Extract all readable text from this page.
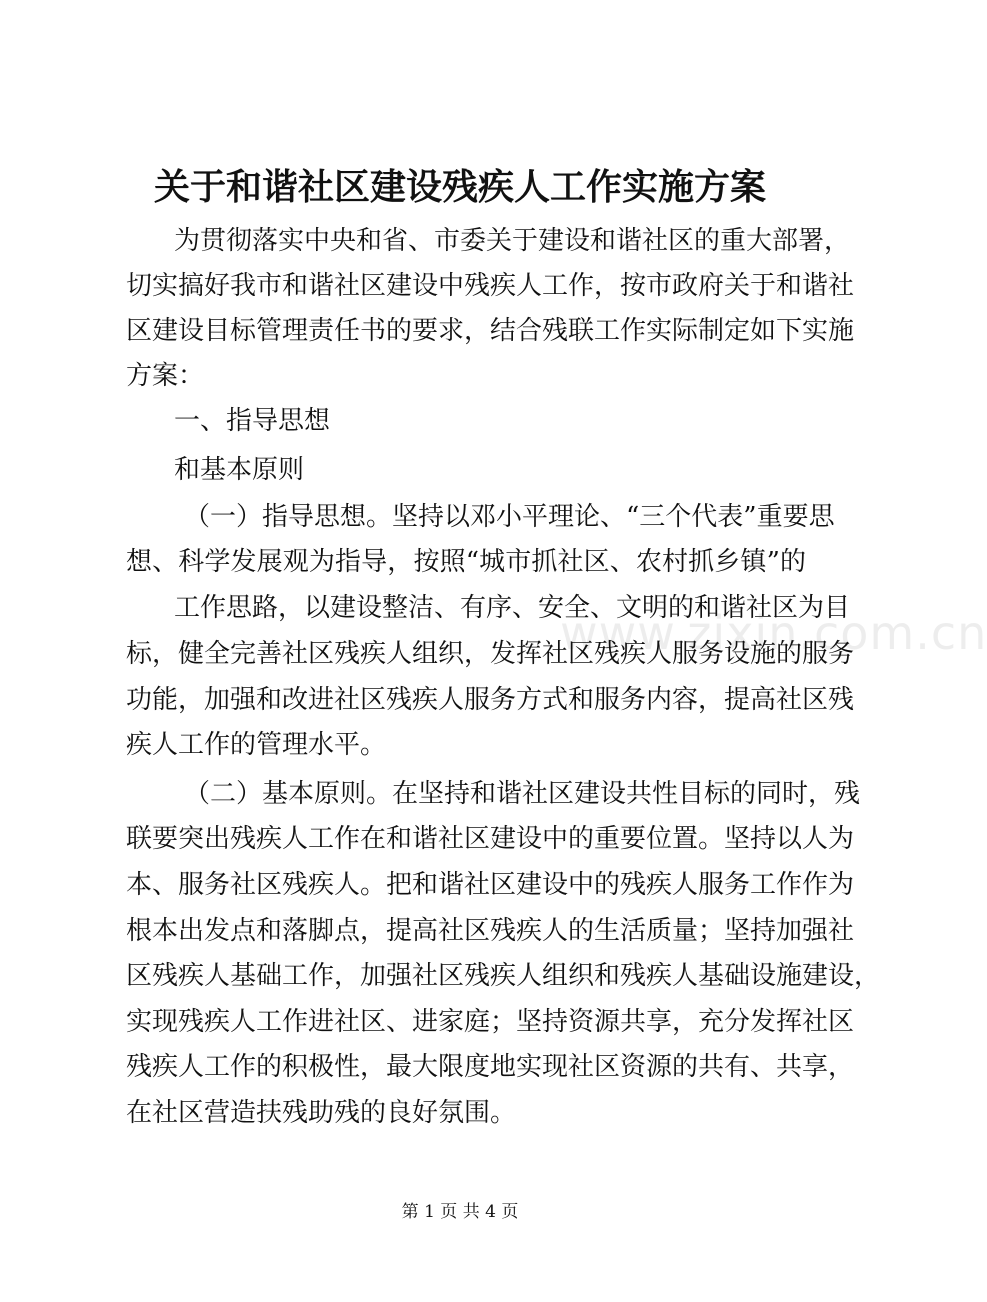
关于和谐社区建设残疾人工作实施方案
www.zixin.com.cn

为贯彻落实中央和省、市委关于建设和谐社区的重大部署，

切实搞好我市和谐社区建设中残疾人工作，按市政府关于和谐社

区建设目标管理责任书的要求，结合残联工作实际制定如下实施

方案：

一、指导思想

和基本原则

（一）指导思想。坚持以邓小平理论、“三个代表”重要思

想、科学发展观为指导，按照“城市抓社区、农村抓乡镇”的

工作思路，以建设整洁、有序、安全、文明的和谐社区为目

标，健全完善社区残疾人组织，发挥社区残疾人服务设施的服务

功能，加强和改进社区残疾人服务方式和服务内容，提高社区残

疾人工作的管理水平。

（二）基本原则。在坚持和谐社区建设共性目标的同时，残

联要突出残疾人工作在和谐社区建设中的重要位置。坚持以人为

本、服务社区残疾人。把和谐社区建设中的残疾人服务工作作为

根本出发点和落脚点，提高社区残疾人的生活质量；坚持加强社

区残疾人基础工作，加强社区残疾人组织和残疾人基础设施建设，

实现残疾人工作进社区、进家庭；坚持资源共享，充分发挥社区

残疾人工作的积极性，最大限度地实现社区资源的共有、共享，

在社区营造扶残助残的良好氛围。

第 1 页 共 4 页
